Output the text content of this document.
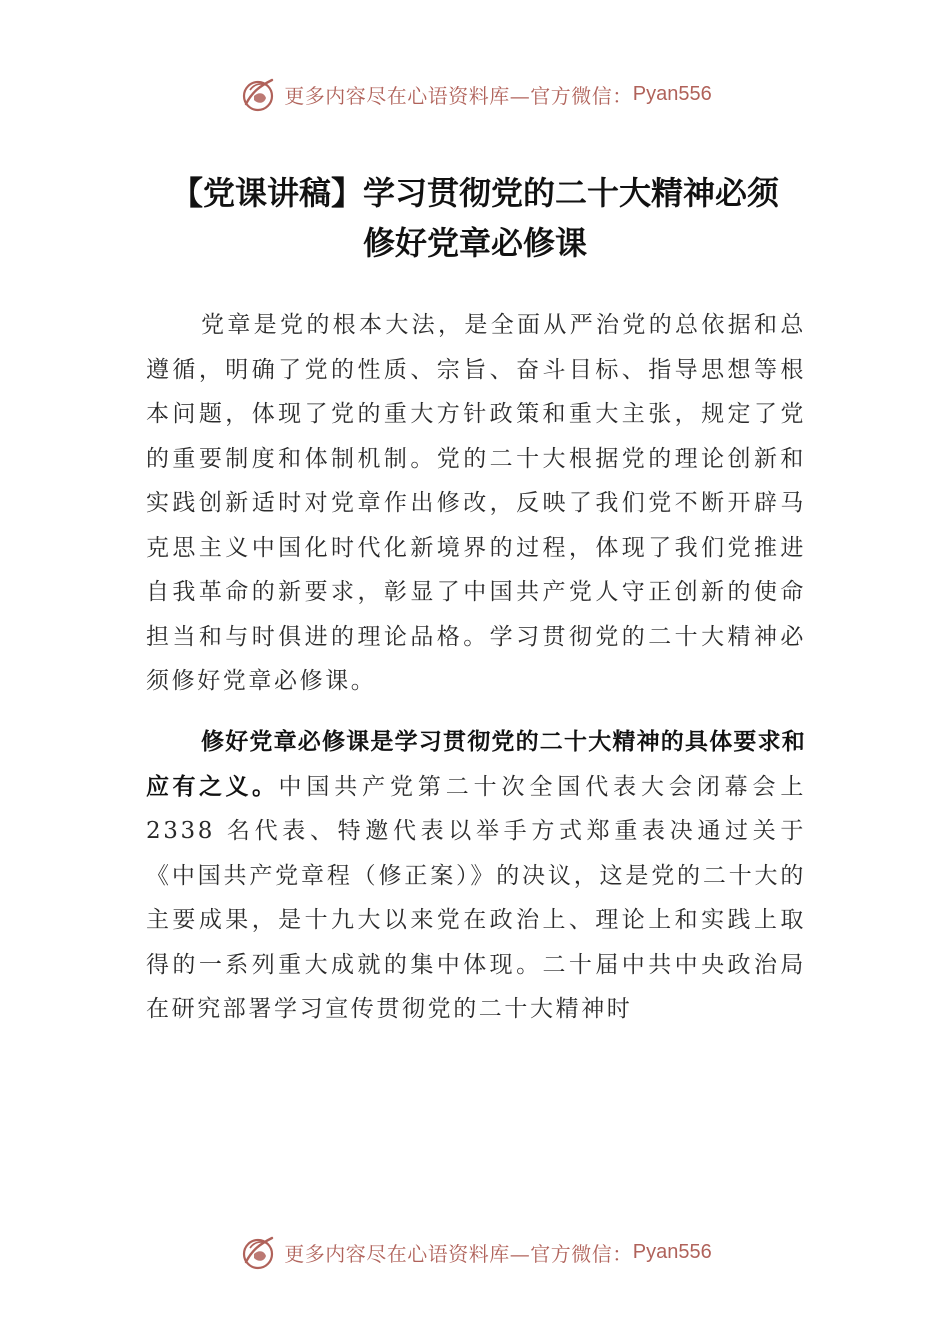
更多内容尽在心语资料库—官方微信： Pyan556
【党课讲稿】学习贯彻党的二十大精神必须
修好党章必修课

党章是党的根本大法，是全面从严治党的总依据和总遵循，明确了党的性质、宗旨、奋斗目标、指导思想等根本问题，体现了党的重大方针政策和重大主张，规定了党的重要制度和体制机制。党的二十大根据党的理论创新和实践创新适时对党章作出修改，反映了我们党不断开辟马克思主义中国化时代化新境界的过程，体现了我们党推进自我革命的新要求，彰显了中国共产党人守正创新的使命担当和与时俱进的理论品格。学习贯彻党的二十大精神必须修好党章必修课。

修好党章必修课是学习贯彻党的二十大精神的具体要求和应有之义。中国共产党第二十次全国代表大会闭幕会上 2338 名代表、特邀代表以举手方式郑重表决通过关于《中国共产党章程（修正案）》的决议，这是党的二十大的主要成果，是十九大以来党在政治上、理论上和实践上取得的一系列重大成就的集中体现。二十届中共中央政治局在研究部署学习宣传贯彻党的二十大精神时

更多内容尽在心语资料库—官方微信： Pyan556
